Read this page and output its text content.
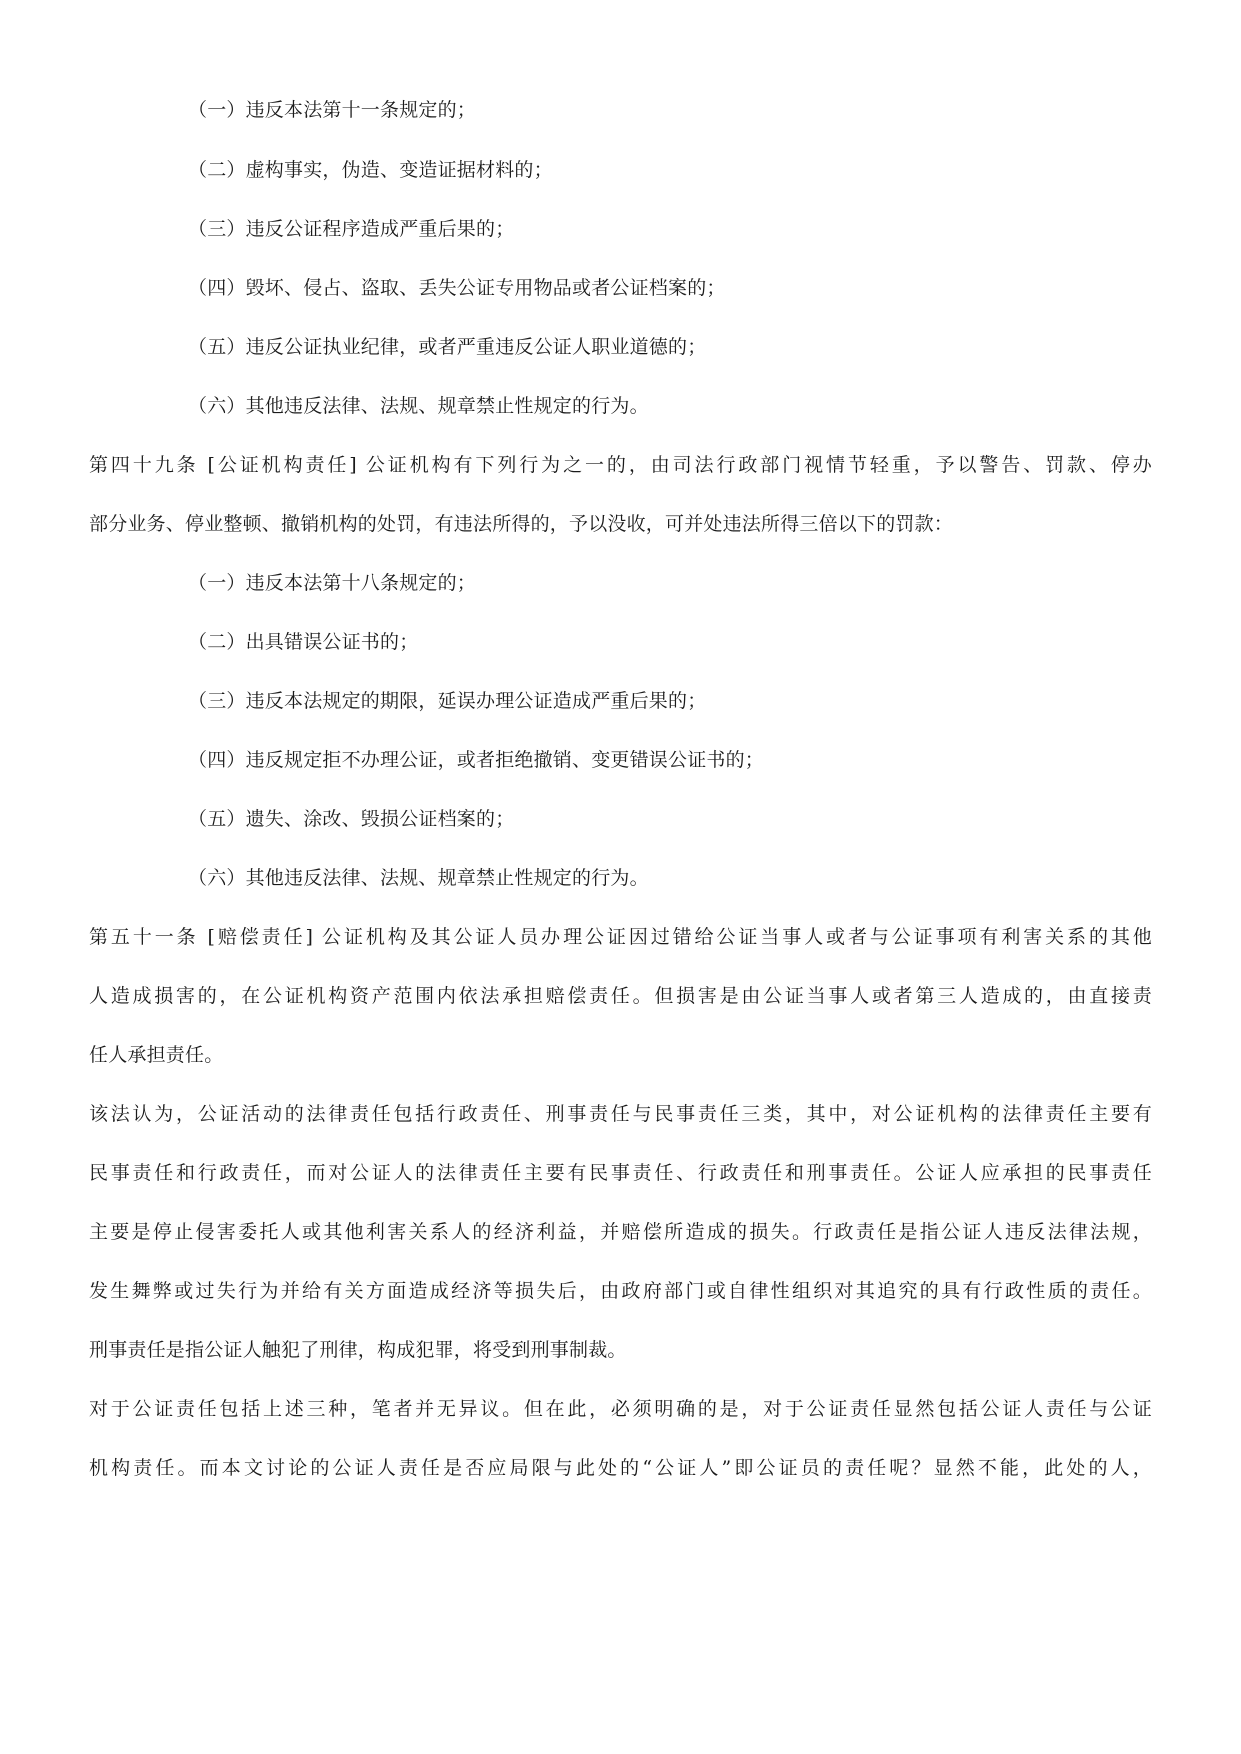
（一）违反本法第十一条规定的；
（二）虚构事实，伪造、变造证据材料的；
（三）违反公证程序造成严重后果的；
（四）毁坏、侵占、盗取、丢失公证专用物品或者公证档案的；
（五）违反公证执业纪律，或者严重违反公证人职业道德的；
（六）其他违反法律、法规、规章禁止性规定的行为。
第四十九条 [公证机构责任] 公证机构有下列行为之一的，由司法行政部门视情节轻重，予以警告、罚款、停办
部分业务、停业整顿、撤销机构的处罚，有违法所得的，予以没收，可并处违法所得三倍以下的罚款：
（一）违反本法第十八条规定的；
（二）出具错误公证书的；
（三）违反本法规定的期限，延误办理公证造成严重后果的；
（四）违反规定拒不办理公证，或者拒绝撤销、变更错误公证书的；
（五）遗失、涂改、毁损公证档案的；
（六）其他违反法律、法规、规章禁止性规定的行为。
第五十一条 [赔偿责任] 公证机构及其公证人员办理公证因过错给公证当事人或者与公证事项有利害关系的其他
人造成损害的，在公证机构资产范围内依法承担赔偿责任。但损害是由公证当事人或者第三人造成的，由直接责
任人承担责任。
该法认为，公证活动的法律责任包括行政责任、刑事责任与民事责任三类，其中，对公证机构的法律责任主要有
民事责任和行政责任，而对公证人的法律责任主要有民事责任、行政责任和刑事责任。公证人应承担的民事责任
主要是停止侵害委托人或其他利害关系人的经济利益，并赔偿所造成的损失。行政责任是指公证人违反法律法规，
发生舞弊或过失行为并给有关方面造成经济等损失后，由政府部门或自律性组织对其追究的具有行政性质的责任。
刑事责任是指公证人触犯了刑律，构成犯罪，将受到刑事制裁。
对于公证责任包括上述三种，笔者并无异议。但在此，必须明确的是，对于公证责任显然包括公证人责任与公证
机构责任。而本文讨论的公证人责任是否应局限与此处的“公证人”即公证员的责任呢？显然不能，此处的人，
